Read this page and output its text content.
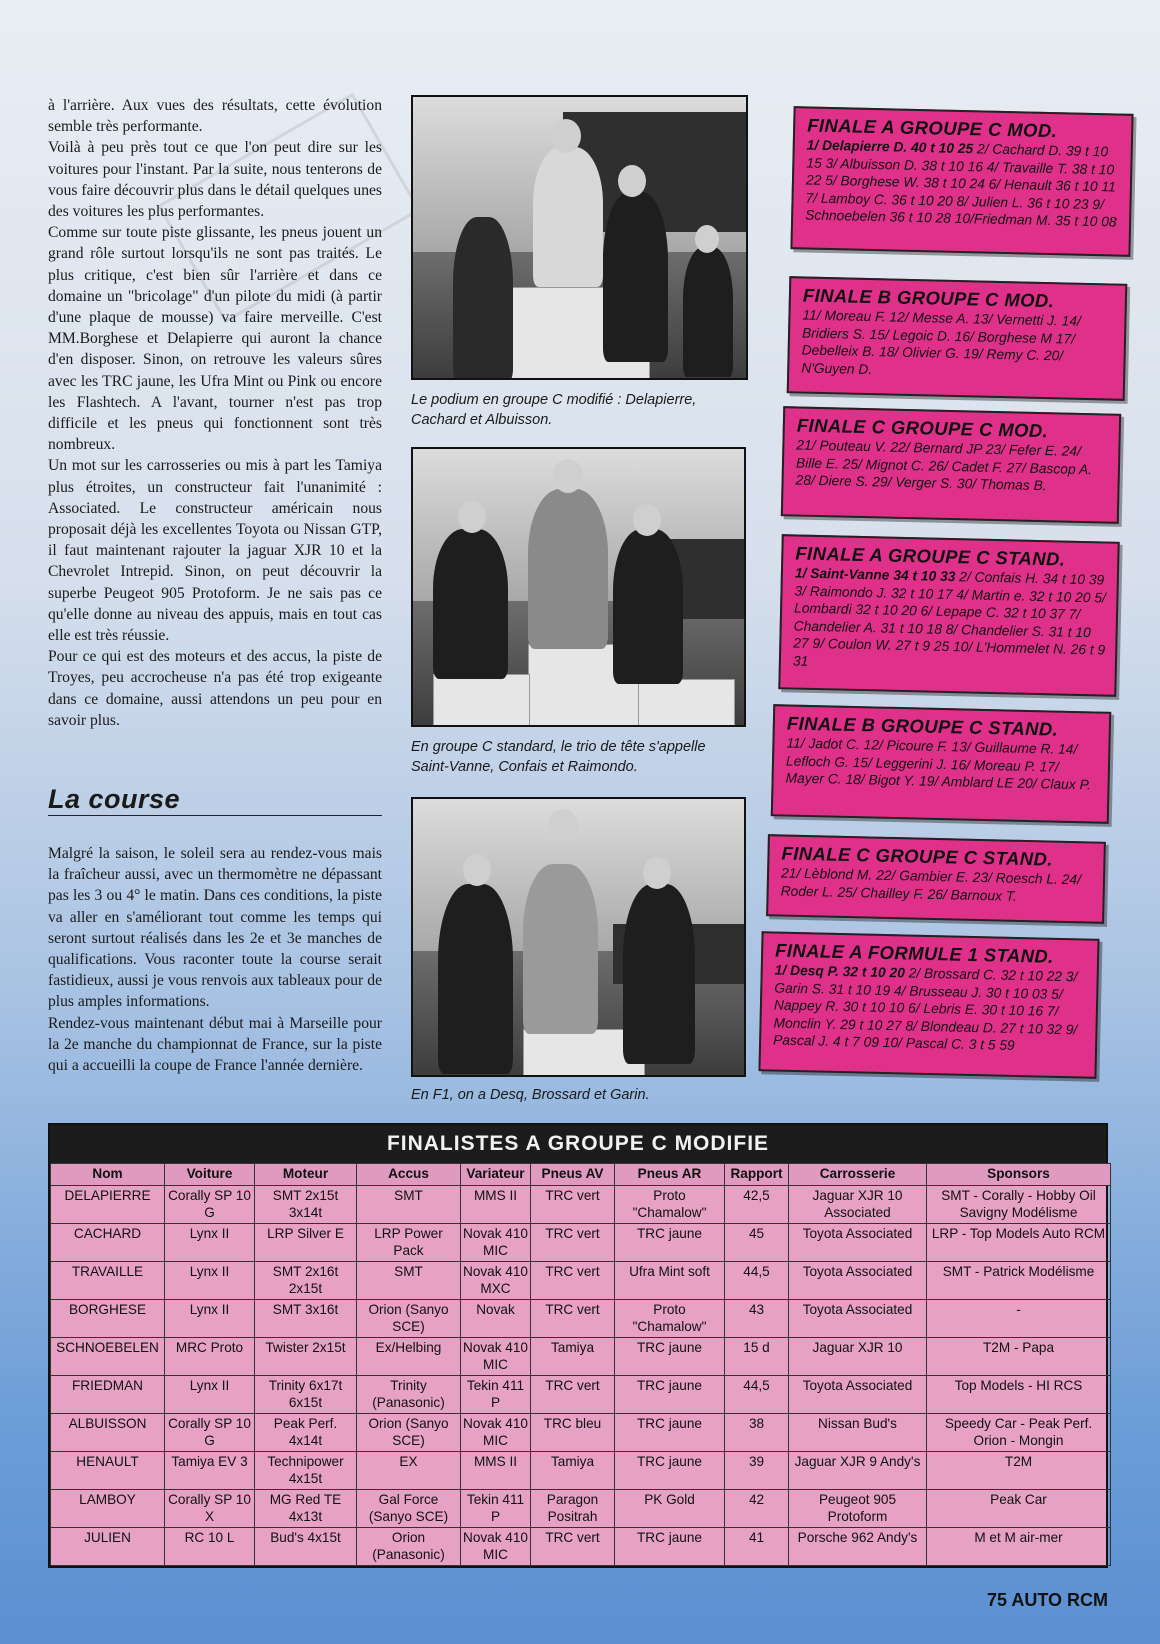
à l'arrière. Aux vues des résultats, cette évolution semble très performante.

Voilà à peu près tout ce que l'on peut dire sur les voitures pour l'instant. Par la suite, nous tenterons de vous faire découvrir plus dans le détail quelques unes des voitures les plus performantes.

Comme sur toute piste glissante, les pneus jouent un grand rôle surtout lorsqu'ils ne sont pas traités. Le plus critique, c'est bien sûr l'arrière et dans ce domaine un "bricolage" d'un pilote du midi (à partir d'une plaque de mousse) va faire merveille. C'est MM.Borghese et Delapierre qui auront la chance d'en disposer. Sinon, on retrouve les valeurs sûres avec les TRC jaune, les Ufra Mint ou Pink ou encore les Flashtech. A l'avant, tourner n'est pas trop difficile et les pneus qui fonctionnent sont très nombreux.

Un mot sur les carrosseries ou mis à part les Tamiya plus étroites, un constructeur fait l'unanimité : Associated. Le constructeur américain nous proposait déjà les excellentes Toyota ou Nissan GTP, il faut maintenant rajouter la jaguar XJR 10 et la Chevrolet Intrepid. Sinon, on peut découvrir la superbe Peugeot 905 Protoform. Je ne sais pas ce qu'elle donne au niveau des appuis, mais en tout cas elle est très réussie.

Pour ce qui est des moteurs et des accus, la piste de Troyes, peu accrocheuse n'a pas été trop exigeante dans ce domaine, aussi attendons un peu pour en savoir plus.

La course

Malgré la saison, le soleil sera au rendez-vous mais la fraîcheur aussi, avec un thermomètre ne dépassant pas les 3 ou 4° le matin. Dans ces conditions, la piste va aller en s'améliorant tout comme les temps qui seront surtout réalisés dans les 2e et 3e manches de qualifications. Vous raconter toute la course serait fastidieux, aussi je vous renvois aux tableaux pour de plus amples informations.

Rendez-vous maintenant début mai à Marseille pour la 2e manche du championnat de France, sur la piste qui a accueilli la coupe de France l'année dernière.

Le podium en groupe C modifié : Delapierre, Cachard et Albuisson.
En groupe C standard, le trio de tête s'appelle Saint-Vanne, Confais et Raimondo.
En F1, on a Desq, Brossard et Garin.
FINALE A GROUPE C MOD.
1/ Delapierre D. 40 t 10 25 2/ Cachard D. 39 t 10 15 3/ Albuisson D. 38 t 10 16 4/ Travaille T. 38 t 10 22 5/ Borghese W. 38 t 10 24 6/ Henault 36 t 10 11 7/ Lamboy C. 36 t 10 20 8/ Julien L. 36 t 10 23 9/ Schnoebelen 36 t 10 28 10/Friedman M. 35 t 10 08
FINALE B GROUPE C MOD.
11/ Moreau F. 12/ Messe A. 13/ Vernetti J. 14/ Bridiers S. 15/ Legoic D. 16/ Borghese M 17/ Debelleix B. 18/ Olivier G. 19/ Remy C. 20/ N'Guyen D.
FINALE C GROUPE C MOD.
21/ Pouteau V. 22/ Bernard JP 23/ Fefer E. 24/ Bille E. 25/ Mignot C. 26/ Cadet F. 27/ Bascop A. 28/ Diere S. 29/ Verger S. 30/ Thomas B.
FINALE A GROUPE C STAND.
1/ Saint-Vanne 34 t 10 33 2/ Confais H. 34 t 10 39 3/ Raimondo J. 32 t 10 17 4/ Martin e. 32 t 10 20 5/ Lombardi 32 t 10 20 6/ Lepape C. 32 t 10 37 7/ Chandelier A. 31 t 10 18 8/ Chandelier S. 31 t 10 27 9/ Coulon W. 27 t 9 25 10/ L'Hommelet N. 26 t 9 31
FINALE B GROUPE C STAND.
11/ Jadot C. 12/ Picoure F. 13/ Guillaume R. 14/ Lefloch G. 15/ Leggerini J. 16/ Moreau P. 17/ Mayer C. 18/ Bigot Y. 19/ Amblard LE 20/ Claux P.
FINALE C GROUPE C STAND.
21/ Lèblond M. 22/ Gambier E. 23/ Roesch L. 24/ Roder L. 25/ Chailley F. 26/ Barnoux T.
FINALE A FORMULE 1 STAND.
1/ Desq P. 32 t 10 20 2/ Brossard C. 32 t 10 22 3/ Garin S. 31 t 10 19 4/ Brusseau J. 30 t 10 03 5/ Nappey R. 30 t 10 10 6/ Lebris E. 30 t 10 16 7/ Monclin Y. 29 t 10 27 8/ Blondeau D. 27 t 10 32 9/ Pascal J. 4 t 7 09 10/ Pascal C. 3 t 5 59
FINALISTES A GROUPE C MODIFIE
Nom	Voiture	Moteur	Accus	Variateur	Pneus AV	Pneus AR	Rapport	Carrosserie	Sponsors
DELAPIERRE	Corally SP 10 G	SMT 2x15t 3x14t	SMT	MMS II	TRC vert	Proto "Chamalow"	42,5	Jaguar XJR 10 Associated	SMT - Corally - Hobby Oil Savigny Modélisme
CACHARD	Lynx II	LRP Silver E	LRP Power Pack	Novak 410 MIC	TRC vert	TRC jaune	45	Toyota Associated	LRP - Top Models Auto RCM
TRAVAILLE	Lynx II	SMT 2x16t 2x15t	SMT	Novak 410 MXC	TRC vert	Ufra Mint soft	44,5	Toyota Associated	SMT - Patrick Modélisme
BORGHESE	Lynx II	SMT 3x16t	Orion (Sanyo SCE)	Novak	TRC vert	Proto "Chamalow"	43	Toyota Associated	-
SCHNOEBELEN	MRC Proto	Twister 2x15t	Ex/Helbing	Novak 410 MIC	Tamiya	TRC jaune	15 d	Jaguar XJR 10	T2M - Papa
FRIEDMAN	Lynx II	Trinity 6x17t 6x15t	Trinity (Panasonic)	Tekin 411 P	TRC vert	TRC jaune	44,5	Toyota Associated	Top Models - HI RCS
ALBUISSON	Corally SP 10 G	Peak Perf. 4x14t	Orion (Sanyo SCE)	Novak 410 MIC	TRC bleu	TRC jaune	38	Nissan Bud's	Speedy Car - Peak Perf. Orion - Mongin
HENAULT	Tamiya EV 3	Technipower 4x15t	EX	MMS II	Tamiya	TRC jaune	39	Jaguar XJR 9 Andy's	T2M
LAMBOY	Corally SP 10 X	MG Red TE 4x13t	Gal Force (Sanyo SCE)	Tekin 411 P	Paragon Positrah	PK Gold	42	Peugeot 905 Protoform	Peak Car
JULIEN	RC 10 L	Bud's 4x15t	Orion (Panasonic)	Novak 410 MIC	TRC vert	TRC jaune	41	Porsche 962 Andy's	M et M air-mer
75 AUTO RCM
